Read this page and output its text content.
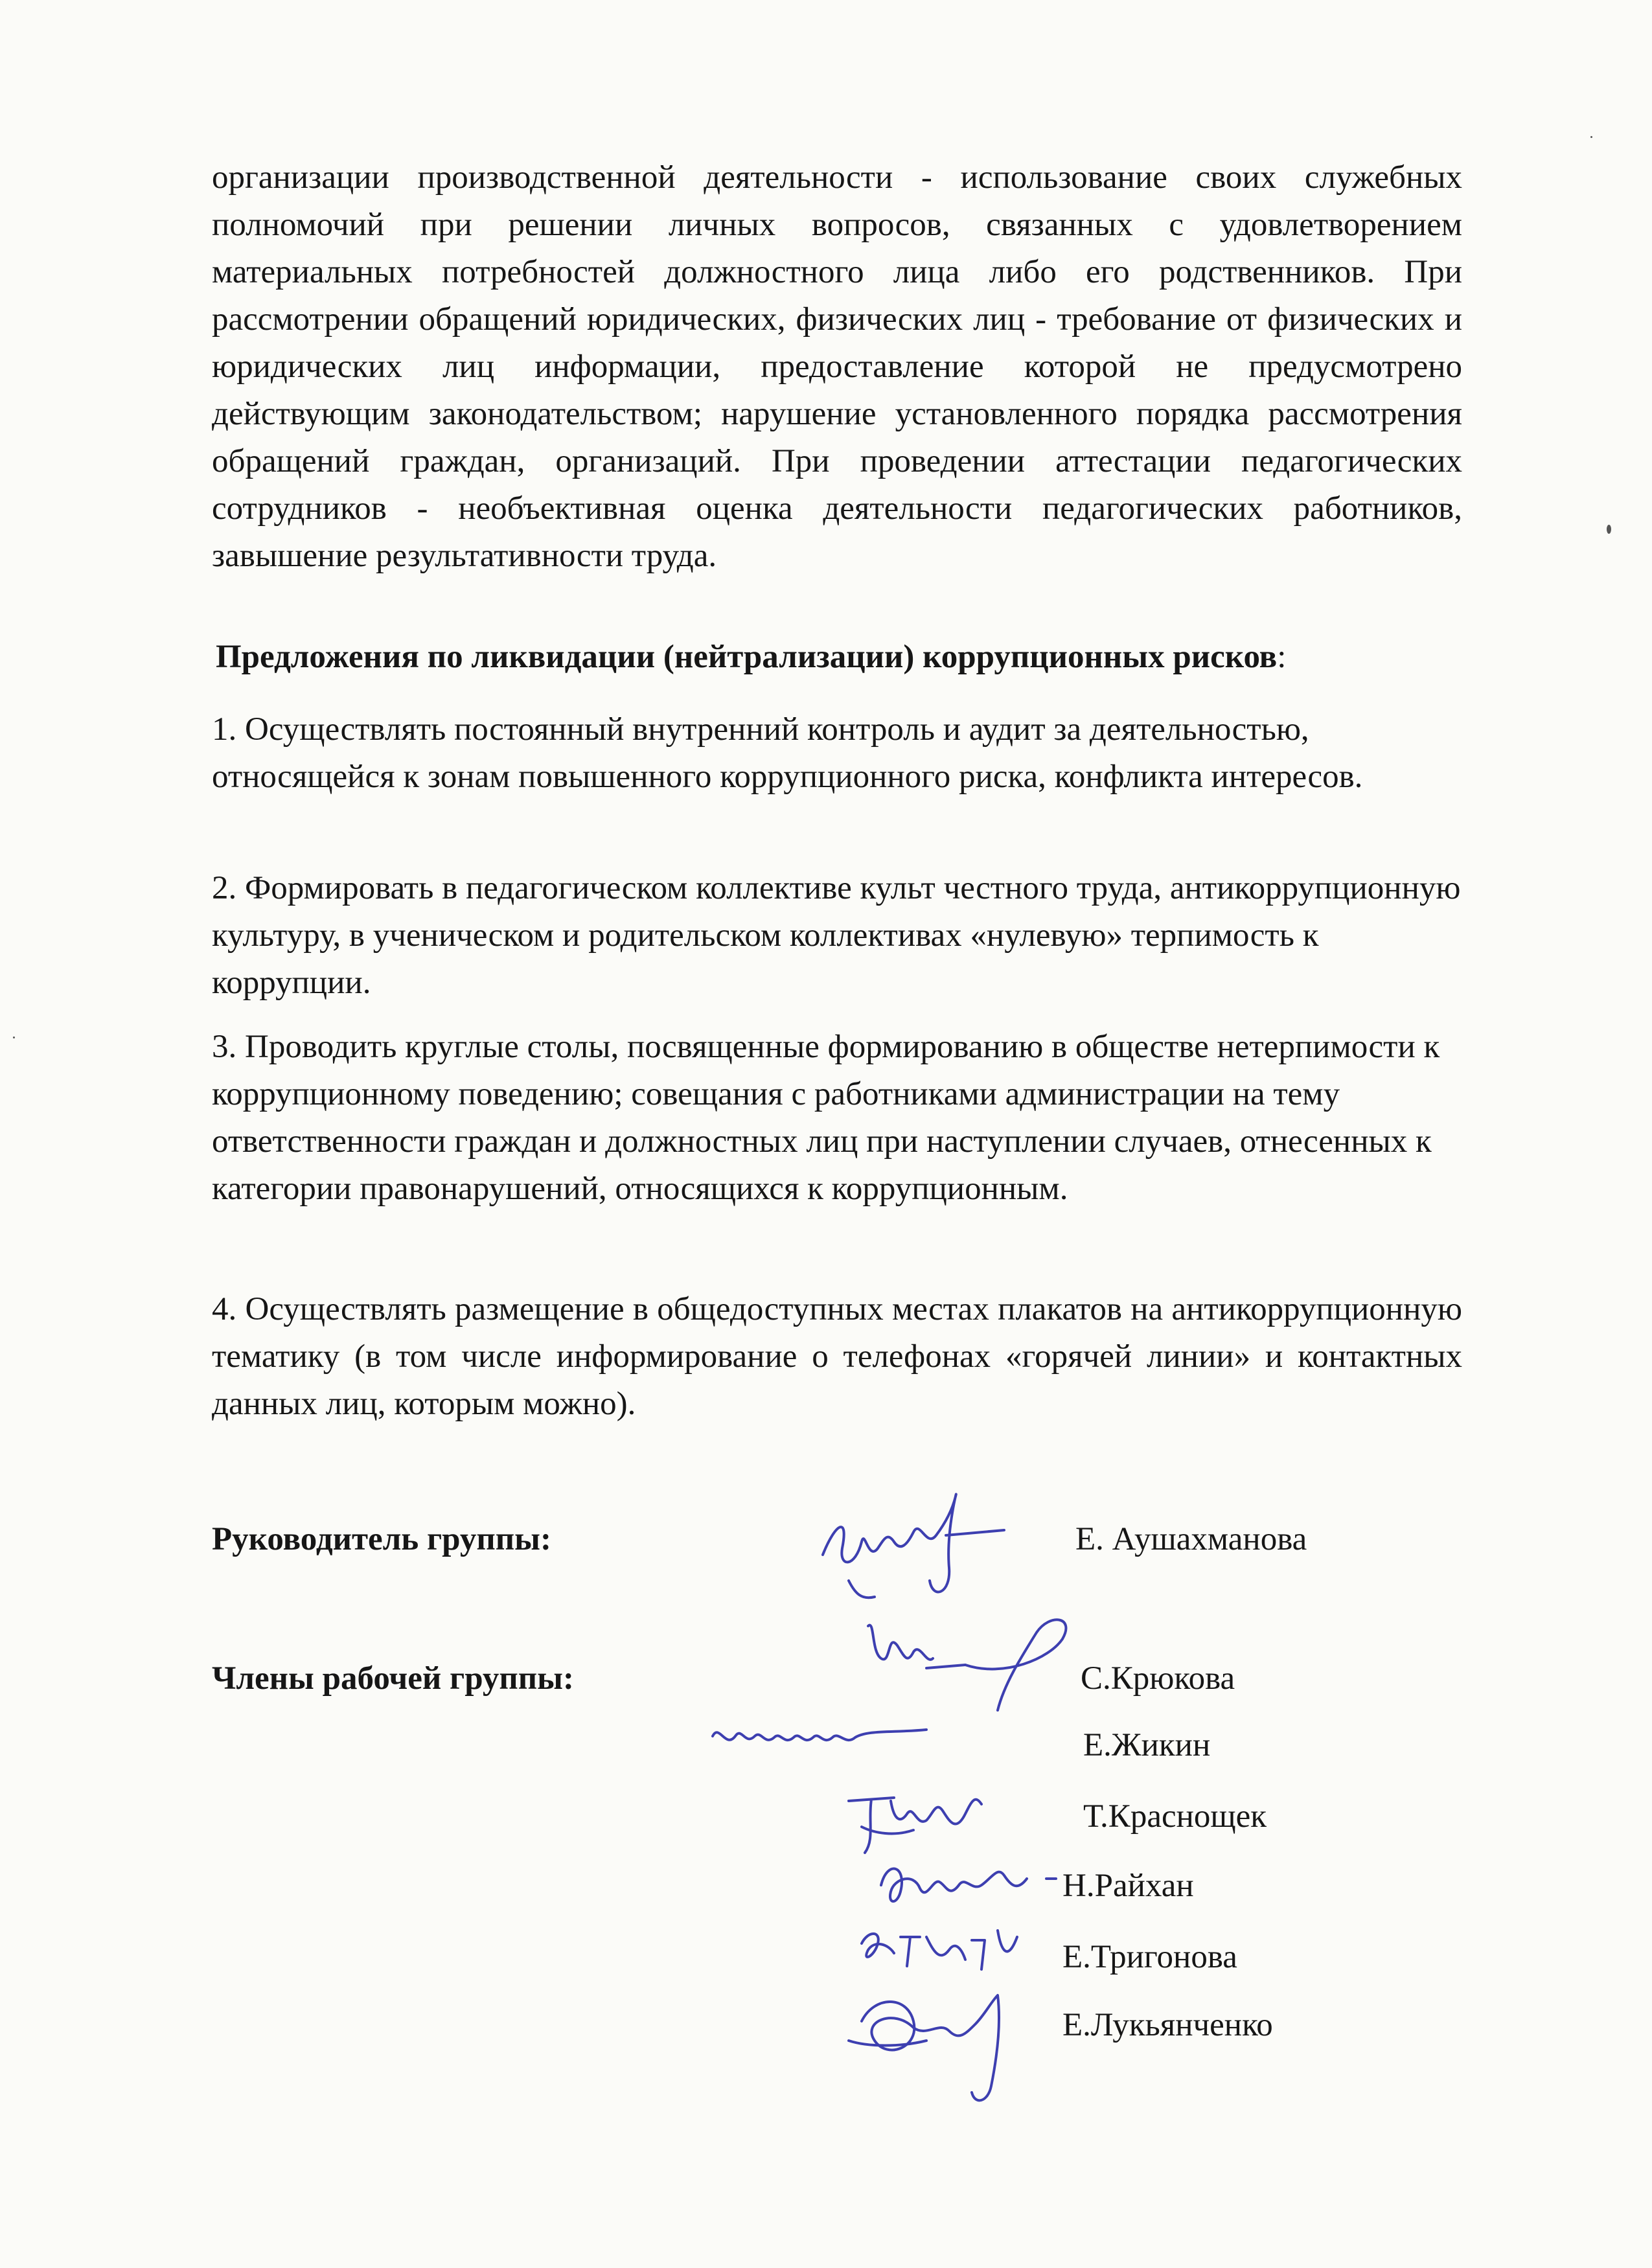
организации производственной деятельности - использование своих служебных полномочий при решении личных вопросов, связанных с удовлетворением материальных потребностей должностного лица либо его родственников. При рассмотрении обращений юридических, физических лиц - требование от физических и юридических лиц информации, предоставление которой не предусмотрено действующим законодательством; нарушение установленного порядка рассмотрения обращений граждан, организаций. При проведении аттестации педагогических сотрудников - необъективная оценка деятельности педагогических работников, завышение результативности труда.

Предложения по ликвидации (нейтрализации) коррупционных рисков:

1. Осуществлять постоянный внутренний контроль и аудит за деятельностью, относящейся к зонам повышенного коррупционного риска, конфликта интересов.

2. Формировать в педагогическом коллективе культ честного труда, антикоррупционную культуру, в ученическом и родительском коллективах «нулевую» терпимость к коррупции.

3. Проводить круглые столы, посвященные формированию в обществе нетерпимости к коррупционному поведению; совещания с работниками администрации на тему ответственности граждан и должностных лиц при наступлении случаев, отнесенных к категории правонарушений, относящихся к коррупционным.

4. Осуществлять размещение в общедоступных местах плакатов на антикоррупционную тематику (в том числе информирование о телефонах «горячей линии» и контактных данных лиц, которым можно).

Руководитель группы:	Е. Аушахманова
Члены рабочей группы:	С.Крюкова
Е.Жикин
Т.Краснощек
Н.Райхан
Е.Тригонова
Е.Лукьянченко
